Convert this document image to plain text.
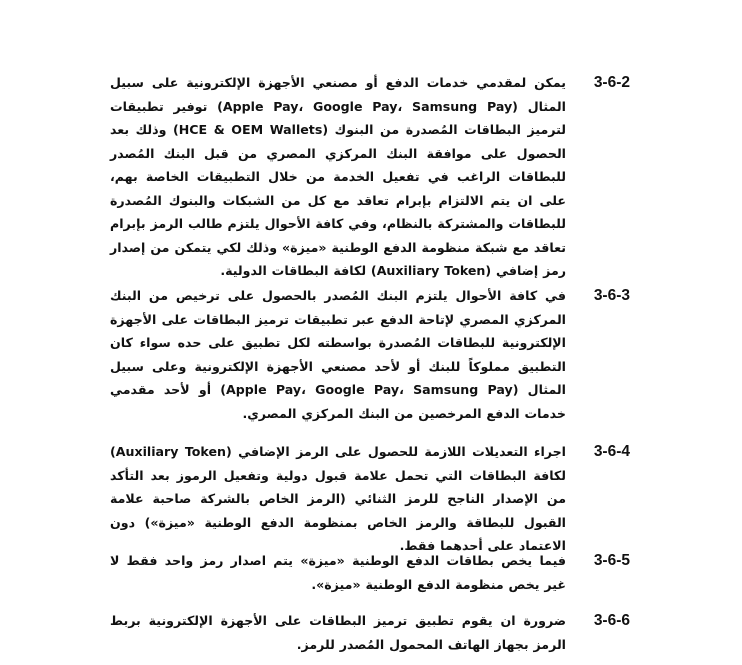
3-6-2
يمكن لمقدمي خدمات الدفع أو مصنعي الأجهزة الإلكترونية على سبيل المثال (Apple Pay، Google Pay، Samsung Pay) توفير تطبيقات لترميز البطاقات المُصدرة من البنوك (HCE & OEM Wallets) وذلك بعد الحصول على موافقة البنك المركزي المصري من قبل البنك المُصدر للبطاقات الراغب في تفعيل الخدمة من خلال التطبيقات الخاصة بهم، على ان يتم الالتزام بإبرام تعاقد مع كل من الشبكات والبنوك المُصدرة للبطاقات والمشتركة بالنظام، وفي كافة الأحوال يلتزم طالب الرمز بإبرام تعاقد مع شبكة منظومة الدفع الوطنية «ميزة» وذلك لكي يتمكن من إصدار رمز إضافي (Auxiliary Token) لكافة البطاقات الدولية.
3-6-3
في كافة الأحوال يلتزم البنك المُصدر بالحصول على ترخيص من البنك المركزي المصري لإتاحة الدفع عبر تطبيقات ترميز البطاقات على الأجهزة الإلكترونية للبطاقات المُصدرة بواسطته لكل تطبيق على حده سواء كان التطبيق مملوكاً للبنك أو لأحد مصنعي الأجهزة الإلكترونية وعلى سبيل المثال (Apple Pay، Google Pay، Samsung Pay) أو لأحد مقدمي خدمات الدفع المرخصين من البنك المركزي المصري.
3-6-4
اجراء التعديلات اللازمة للحصول على الرمز الإضافي (Auxiliary Token) لكافة البطاقات التي تحمل علامة قبول دولية وتفعيل الرموز بعد التأكد من الإصدار الناجح للرمز الثنائي (الرمز الخاص بالشركة صاحبة علامة القبول للبطاقة والرمز الخاص بمنظومة الدفع الوطنية «ميزة») دون الاعتماد على أحدهما فقط.
3-6-5
فيما يخص بطاقات الدفع الوطنية «ميزة» يتم اصدار رمز واحد فقط لا غير يخص منظومة الدفع الوطنية «ميزة».
3-6-6
ضرورة ان يقوم تطبيق ترميز البطاقات على الأجهزة الإلكترونية بربط الرمز بجهاز الهاتف المحمول المُصدر للرمز.
